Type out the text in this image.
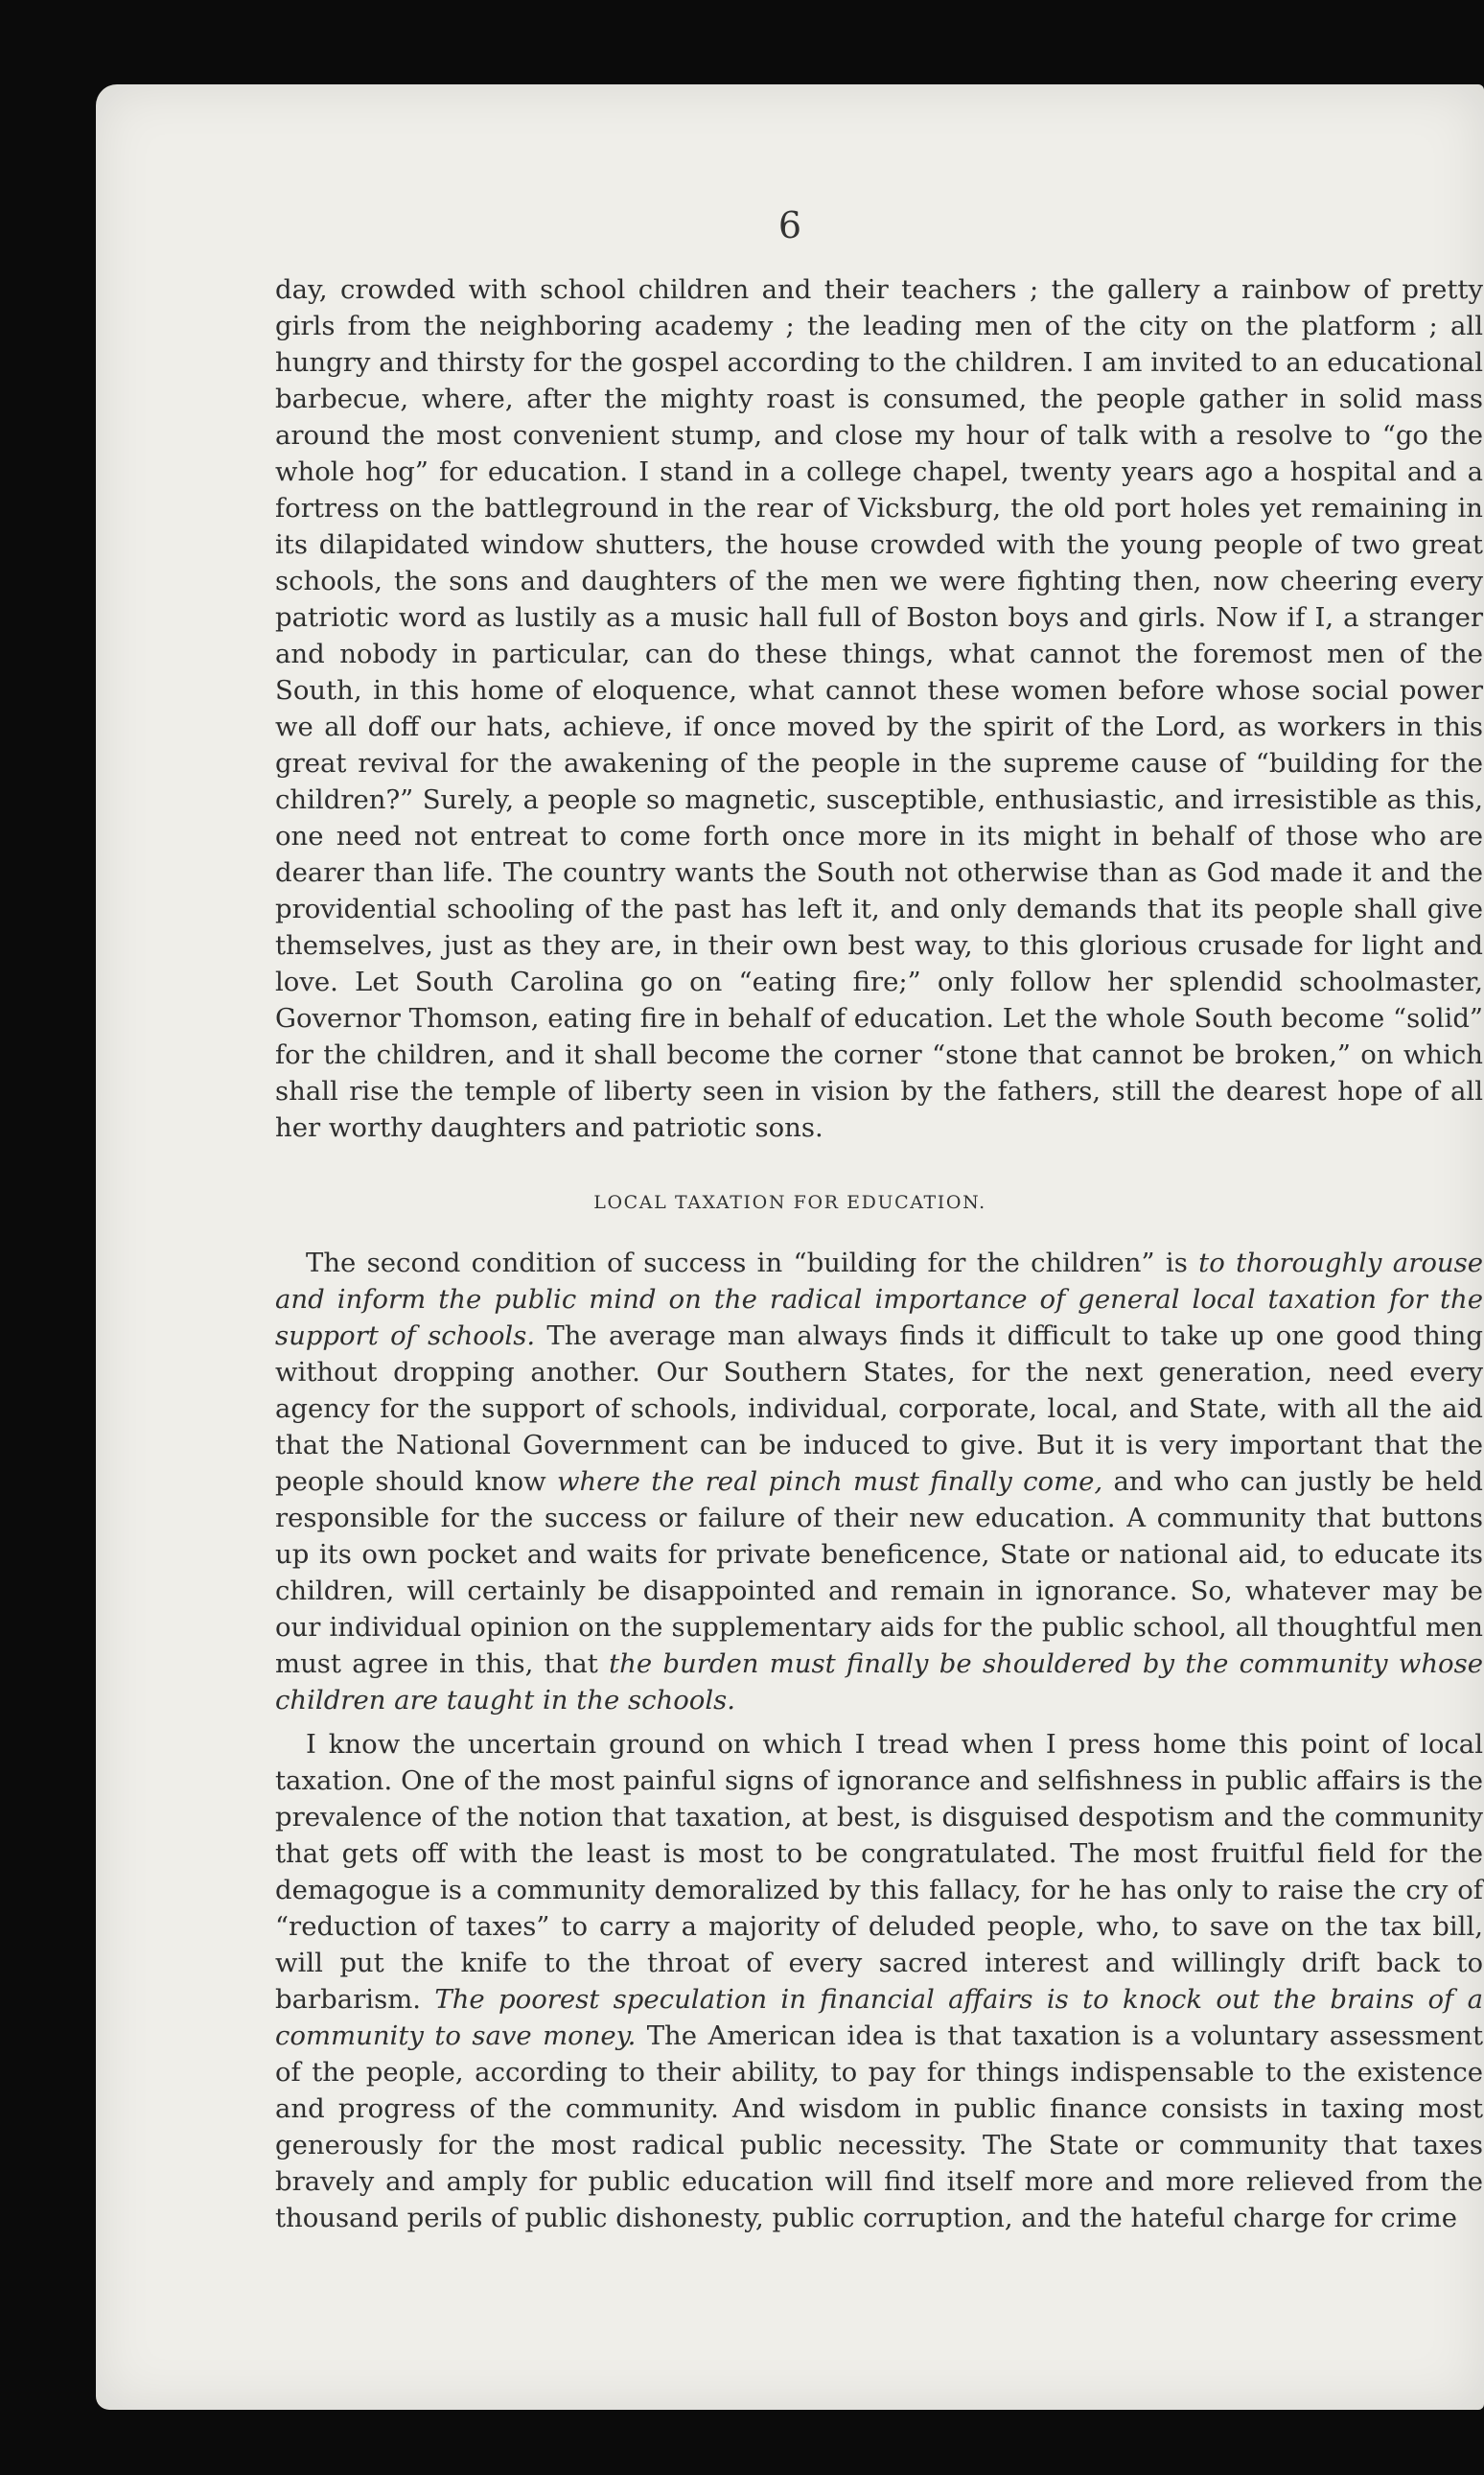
6

day, crowded with school children and their teachers ; the gallery a rainbow of pretty girls from the neighboring academy ; the leading men of the city on the platform ; all hungry and thirsty for the gospel according to the children. I am invited to an educational barbecue, where, after the mighty roast is consumed, the people gather in solid mass around the most convenient stump, and close my hour of talk with a resolve to “go the whole hog” for education. I stand in a college chapel, twenty years ago a hospital and a fortress on the battleground in the rear of Vicksburg, the old port holes yet remaining in its dilapidated window shutters, the house crowded with the young people of two great schools, the sons and daughters of the men we were fighting then, now cheering every patriotic word as lustily as a music hall full of Boston boys and girls. Now if I, a stranger and nobody in particular, can do these things, what cannot the foremost men of the South, in this home of eloquence, what cannot these women before whose social power we all doff our hats, achieve, if once moved by the spirit of the Lord, as workers in this great revival for the awakening of the people in the supreme cause of “building for the children?” Surely, a people so magnetic, susceptible, enthusiastic, and irresistible as this, one need not entreat to come forth once more in its might in behalf of those who are dearer than life. The country wants the South not otherwise than as God made it and the providential schooling of the past has left it, and only demands that its people shall give themselves, just as they are, in their own best way, to this glorious crusade for light and love. Let South Carolina go on “eating fire;” only follow her splendid schoolmaster, Governor Thomson, eating fire in behalf of education. Let the whole South become “solid” for the children, and it shall become the corner “stone that cannot be broken,” on which shall rise the temple of liberty seen in vision by the fathers, still the dearest hope of all her worthy daughters and patriotic sons.

LOCAL TAXATION FOR EDUCATION.

The second condition of success in “building for the children” is to thoroughly arouse and inform the public mind on the radical importance of general local taxation for the support of schools. The average man always finds it difficult to take up one good thing without dropping another. Our Southern States, for the next generation, need every agency for the support of schools, individual, corporate, local, and State, with all the aid that the National Government can be induced to give. But it is very important that the people should know where the real pinch must finally come, and who can justly be held responsible for the success or failure of their new education. A community that buttons up its own pocket and waits for private beneficence, State or national aid, to educate its children, will certainly be disappointed and remain in ignorance. So, whatever may be our individual opinion on the supplementary aids for the public school, all thoughtful men must agree in this, that the burden must finally be shouldered by the community whose children are taught in the schools.

I know the uncertain ground on which I tread when I press home this point of local taxation. One of the most painful signs of ignorance and selfishness in public affairs is the prevalence of the notion that taxation, at best, is disguised despotism and the community that gets off with the least is most to be congratulated. The most fruitful field for the demagogue is a community demoralized by this fallacy, for he has only to raise the cry of “reduction of taxes” to carry a majority of deluded people, who, to save on the tax bill, will put the knife to the throat of every sacred interest and willingly drift back to barbarism. The poorest speculation in financial affairs is to knock out the brains of a community to save money. The American idea is that taxation is a voluntary assessment of the people, according to their ability, to pay for things indispensable to the existence and progress of the community. And wisdom in public finance consists in taxing most generously for the most radical public necessity. The State or community that taxes bravely and amply for public education will find itself more and more relieved from the thousand perils of public dishonesty, public corruption, and the hateful charge for crime
